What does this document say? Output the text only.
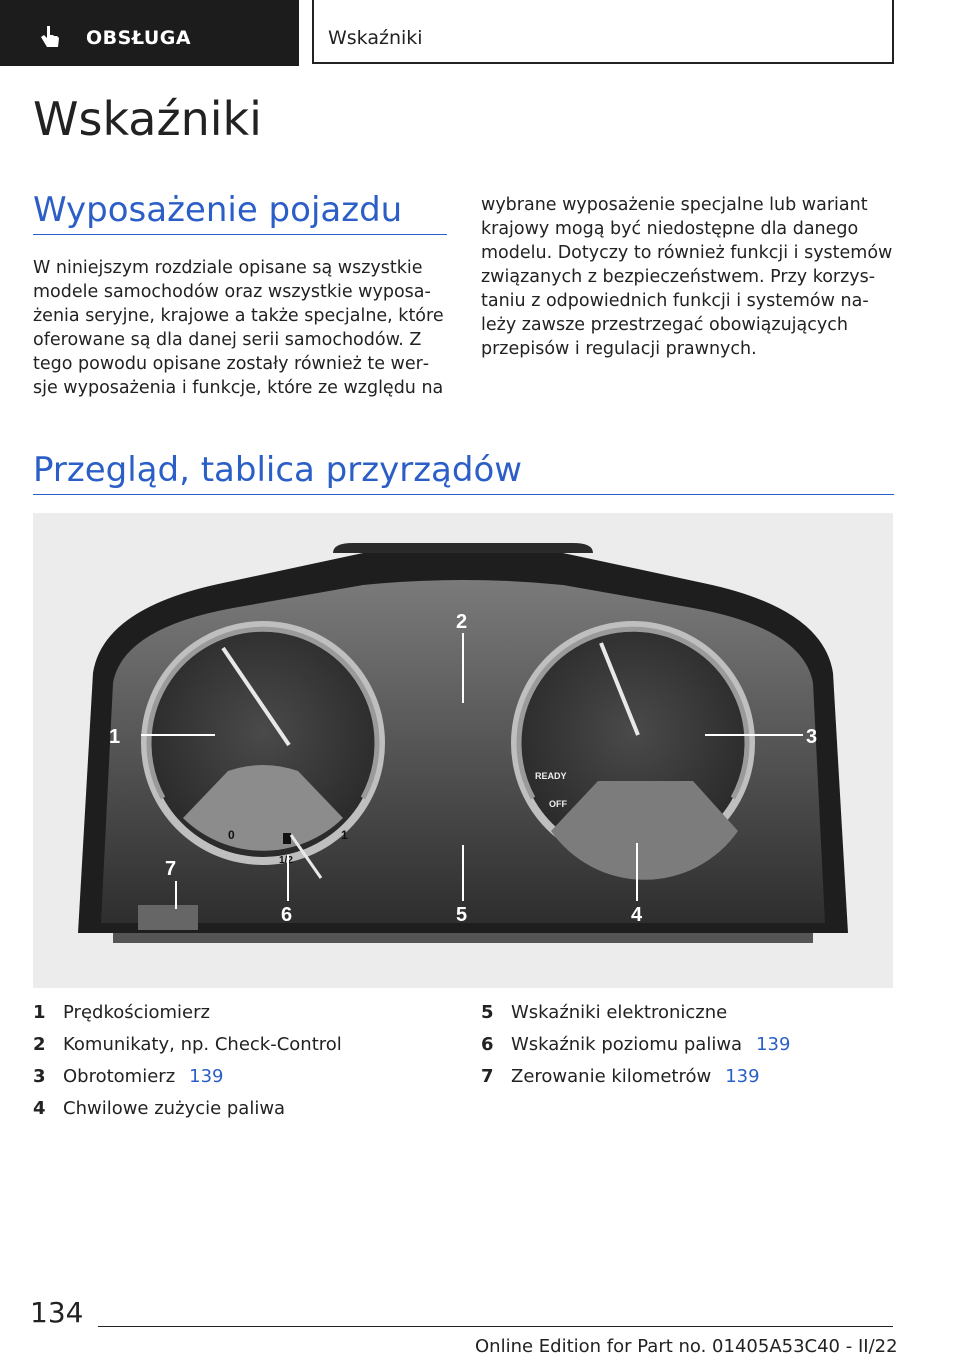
OBSŁUGA	Wskaźniki
Wskaźniki
Wyposażenie pojazdu
W niniejszym rozdziale opisane są wszystkie
modele samochodów oraz wszystkie wyposa‐
żenia seryjne, krajowe a także specjalne, które
oferowane są dla danej serii samochodów. Z
tego powodu opisane zostały również te wer‐
sje wyposażenia i funkcje, które ze względu na
wybrane wyposażenie specjalne lub wariant
krajowy mogą być niedostępne dla danego
modelu. Dotyczy to również funkcji i systemów
związanych z bezpieczeństwem. Przy korzys‐
taniu z odpowiednich funkcji i systemów na‐
leży zawsze przestrzegać obowiązujących
przepisów i regulacji prawnych.
Przegląd, tablica przyrządów
0	1
1/2
READY
OFF
1
2
3
4
5
6
7
1 Prędkościomierz
2 Komunikaty, np. Check-Control
3 Obrotomierz 139
4 Chwilowe zużycie paliwa
5 Wskaźniki elektroniczne
6 Wskaźnik poziomu paliwa 139
7 Zerowanie kilometrów 139
134
Online Edition for Part no. 01405A53C40 - II/22
